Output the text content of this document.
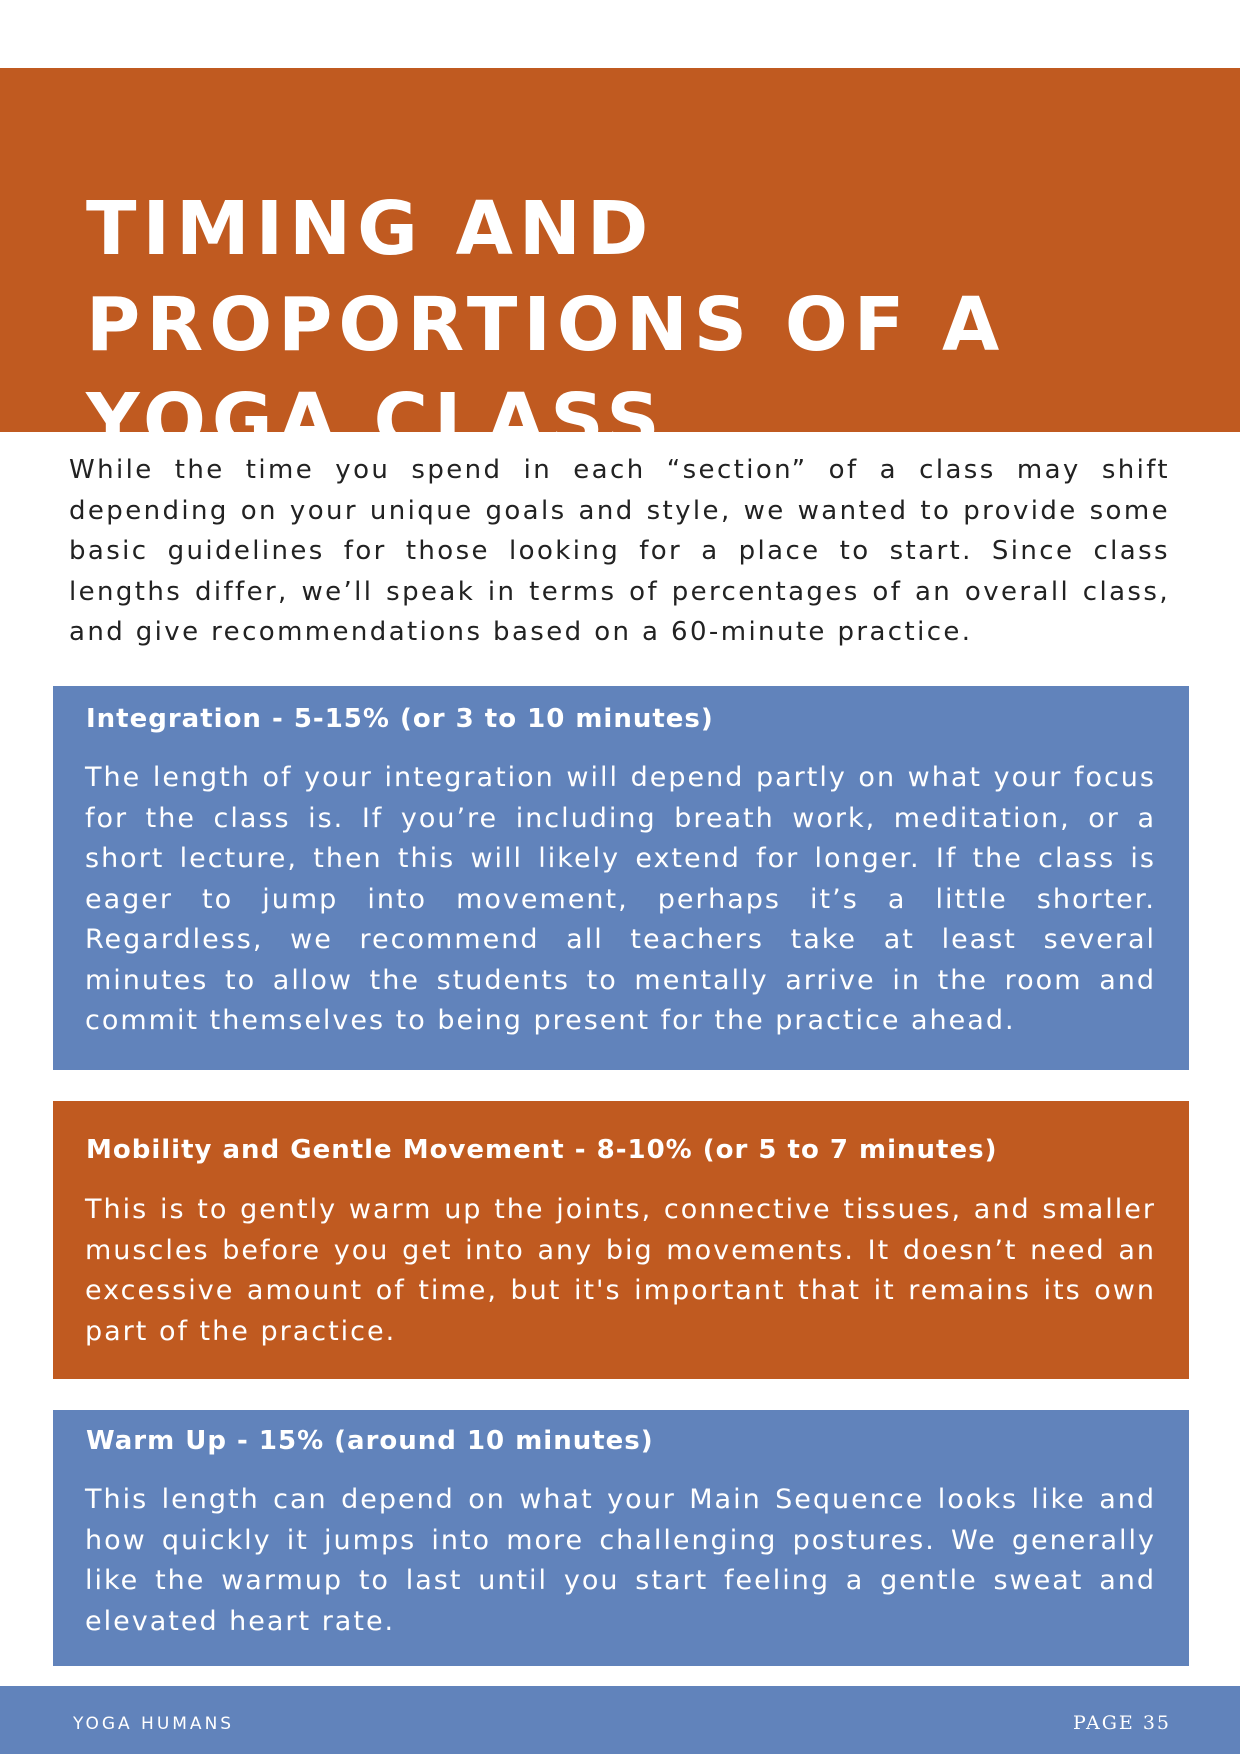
TIMING AND
PROPORTIONS OF A
YOGA CLASS

While the time you spend in each “section” of a class may shift depending on your unique goals and style, we wanted to provide some basic guidelines for those looking for a place to start. Since class lengths differ, we’ll speak in terms of percentages of an overall class, and give recommendations based on a 60-minute practice.

Integration - 5-15% (or 3 to 10 minutes)

The length of your integration will depend partly on what your focus for the class is. If you’re including breath work, meditation, or a short lecture, then this will likely extend for longer. If the class is eager to jump into movement, perhaps it’s a little shorter. Regardless, we recommend all teachers take at least several minutes to allow the students to mentally arrive in the room and commit themselves to being present for the practice ahead.

Mobility and Gentle Movement - 8-10% (or 5 to 7 minutes)

This is to gently warm up the joints, connective tissues, and smaller muscles before you get into any big movements. It doesn’t need an excessive amount of time, but it's important that it remains its own part of the practice.

Warm Up - 15% (around 10 minutes)

This length can depend on what your Main Sequence looks like and how quickly it jumps into more challenging postures. We generally like the warmup to last until you start feeling a gentle sweat and elevated heart rate.

YOGA HUMANS	PAGE 35
